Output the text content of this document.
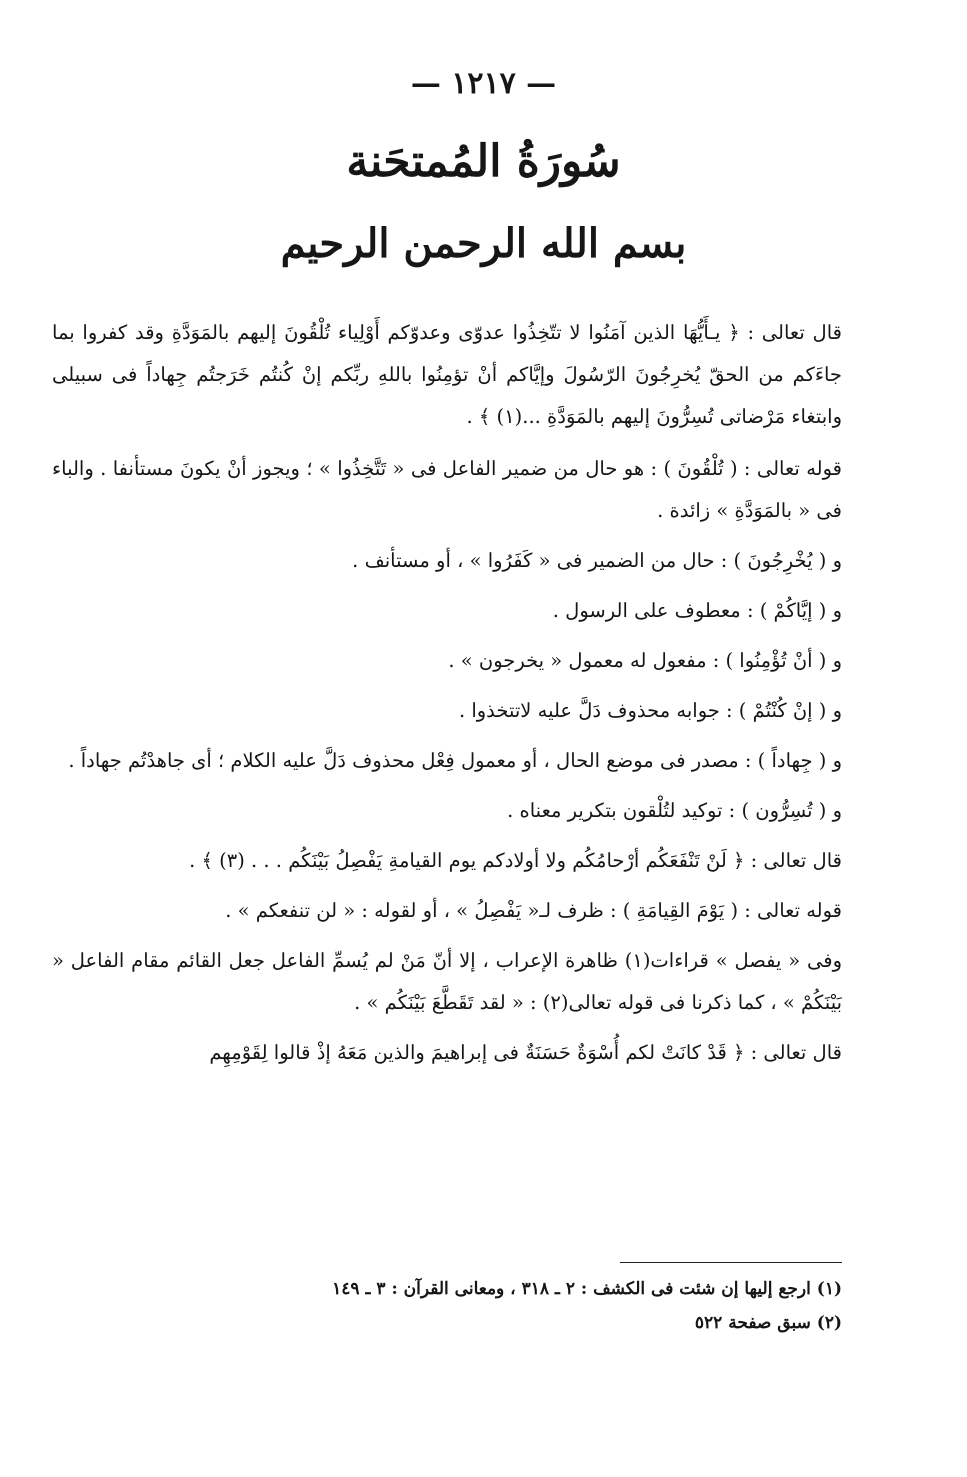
— ١٢١٧ —
سُورَةُ المُمتحَنة
بسم الله الرحمن الرحيم

قال تعالى : ﴿ يـأَيُّهَا الذين آمَنُوا لا تتّخِذُوا عدوّى وعدوّكم أَوْلِياء تُلْقُونَ إليهم بالمَوَدَّةِ وقد كفروا بما جاءَكم من الحقّ يُخرِجُونَ الرّسُولَ وإيَّاكم أنْ تؤمِنُوا باللهِ ربِّكم إنْ كُنتُم خَرَجتُم جِهاداً فى سبيلى وابتغاء مَرْضاتى تُسِرُّونَ إليهم بالمَوَدَّةِ ...(١) ﴾ .

قوله تعالى : ( تُلْقُونَ ) : هو حال من ضمير الفاعل فى « تَتَّخِذُوا » ؛ ويجوز أنْ يكونَ مستأنفا . والباء فى « بالمَوَدَّةِ » زائدة .

و ( يُخْرِجُونَ ) : حال من الضمير فى « كَفَرُوا » ، أو مستأنف .

و ( إيَّاكُمْ ) : معطوف على الرسول .

و ( أنْ تُؤْمِنُوا ) : مفعول له معمول « يخرجون » .

و ( إنْ كُنْتُمْ ) : جوابه محذوف دَلَّ عليه لاتتخذوا .

و ( جِهاداً ) : مصدر فى موضع الحال ، أو معمول فِعْل محذوف دَلَّ عليه الكلام ؛ أى جاهدْتُم جهاداً .

و ( تُسِرُّون ) : توكيد لتُلْقون بتكرير معناه .

قال تعالى : ﴿ لَنْ تَنْفَعَكُم أرْحامُكُم ولا أولادكم يوم القيامةِ يَفْصِلُ بَيْنَكُم . . . (٣) ﴾ .

قوله تعالى : ( يَوْمَ القِيامَةِ ) : ظرف لـ« يَفْصِلُ » ، أو لقوله : « لن تنفعكم » .

وفى « يفصل » قراءات(١) ظاهرة الإعراب ، إلا أنّ مَنْ لم يُسمِّ الفاعل جعل القائم مقام الفاعل « بَيْنَكُمْ » ، كما ذكرنا فى قوله تعالى(٢) : « لقد تَقَطَّعَ بَيْنَكُم » .

قال تعالى : ﴿ قَدْ كانَتْ لكم أُسْوَةٌ حَسَنَةٌ فى إبراهيمَ والذين مَعَهُ إذْ قالوا لِقَوْمِهِم

(١) ارجع إليها إن شئت فى الكشف : ٢ ـ ٣١٨ ، ومعانى القرآن : ٣ ـ ١٤٩
(٢) سبق صفحة ٥٢٢
